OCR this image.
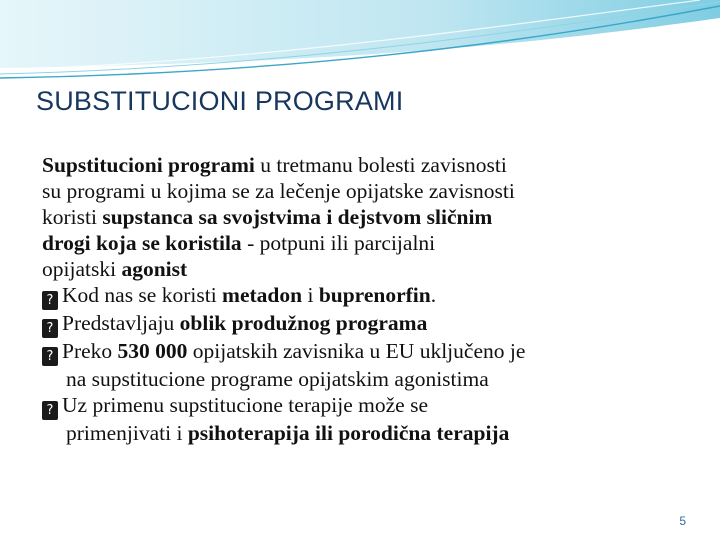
SUBSTITUCIONI PROGRAMI

Supstitucioni programi u tretmanu bolesti zavisnosti

su programi u kojima se za lečenje opijatske zavisnosti

koristi supstanca sa svojstvima i dejstvom sličnim

drogi koja se koristila - potpuni ili parcijalni

opijatski agonist

? Kod nas se koristi metadon i buprenorfin.
? Predstavljaju oblik produžnog programa
? Preko 530 000 opijatskih zavisnika u EU uključeno je
na supstitucione programe opijatskim agonistima
? Uz primenu supstitucione terapije može se
primenjivati i psihoterapija ili porodična terapija
5
